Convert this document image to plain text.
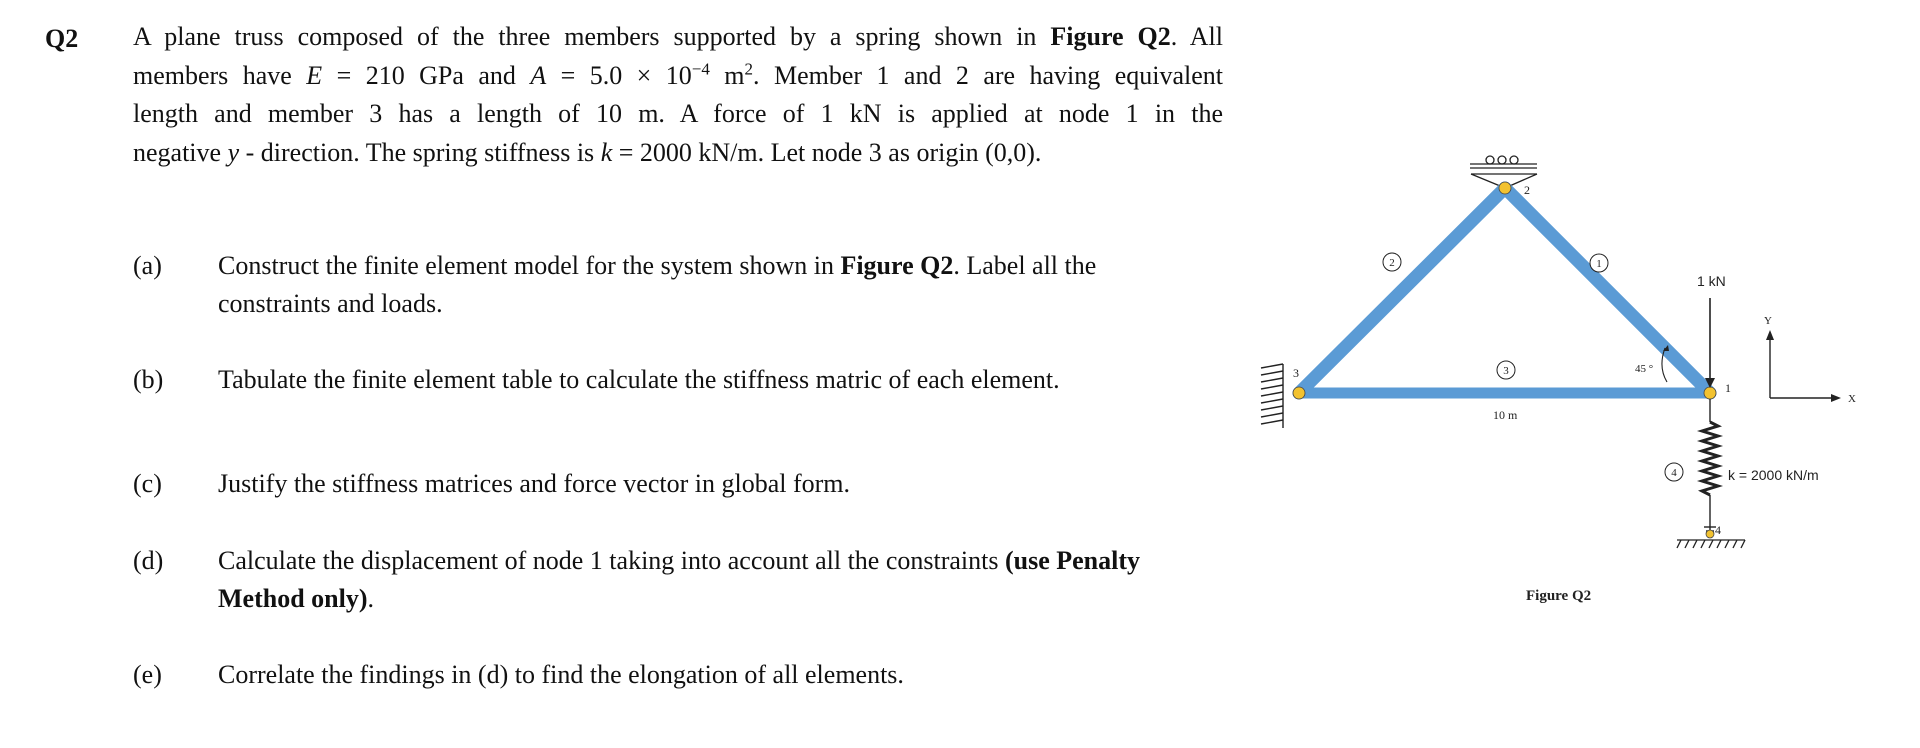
Q2 A plane truss composed of the three members supported by a spring shown in Figure Q2. All
members have E = 210 GPa and $A = 5.0 \times 10^{-4}$ $m^2$. Member 1 and 2 are having equivalent
length and member 3 has a length of 10 m. A force of 1 kN is applied at node 1 in the
negative y - direction. The spring stiffness is k = 2000 kN/m. Let node 3 as origin (0,0).
(a) Construct the finite element model for the system shown in Figure Q2. Label all the
constraints and loads.
(b) Tabulate the finite element table to calculate the stiffness matric of each element.
(c) Justify the stiffness matrices and force vector in global form.
(d) Calculate the displacement of node 1 taking into account all the constraints (use Penalty
Method only).
(e) Correlate the findings in (d) to find the elongation of all elements.
2
3
1
4
2	1
3
4
10 m
45 °
1 kN
Y
X
k = 2000 kN/m
Figure Q2
